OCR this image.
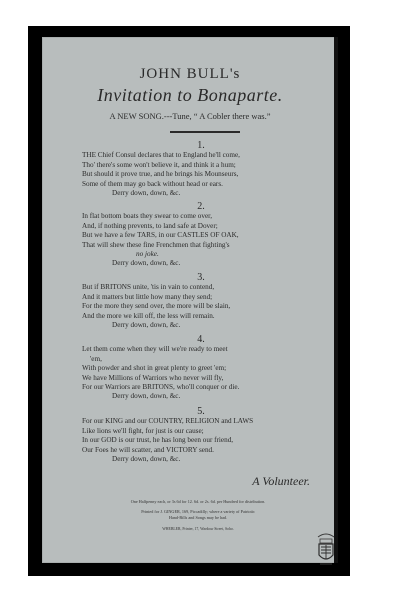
JOHN BULL's
Invitation to Bonaparte.
A NEW SONG.---Tune, “ A Cobler there was.”
1.
THE Chief Consul declares that to England he'll come,
Tho' there's some won't believe it, and think it a hum;
But should it prove true, and he brings his Mounseurs,
Some of them may go back without head or ears.
Derry down, down, &c.
2.
In flat bottom boats they swear to come over,
And, if nothing prevents, to land safe at Dover;
But we have a few TARS, in our CASTLES OF OAK,
That will shew these fine Frenchmen that fighting's
no joke.
Derry down, down, &c.
3.
But if BRITONS unite, 'tis in vain to contend,
And it matters but little how many they send;
For the more they send over, the more will be slain,
And the more we kill off, the less will remain.
Derry down, down, &c.
4.
Let them come when they will we're ready to meet
'em,
With powder and shot in great plenty to greet 'em;
We have Millions of Warriors who never will fly,
For our Warriors are BRITONS, who'll conquer or die.
Derry down, down, &c.
5.
For our KING and our COUNTRY, RELIGION and LAWS
Like lions we'll fight, for just is our cause;
In our GOD is our trust, he has long been our friend,
Our Foes he will scatter, and VICTORY send.
Derry down, down, &c.
A Volunteer.
One Halfpenny each, or 3s 6d for 12. 6d. or 2s. 6d. per Hundred for distribution.
Printed for J. GINGER, 169, Piccadilly; where a variety of Patriotic
Hand-Bills and Songs may be had.
WHEBLER, Printer, 17, Wardour Street, Soho.
